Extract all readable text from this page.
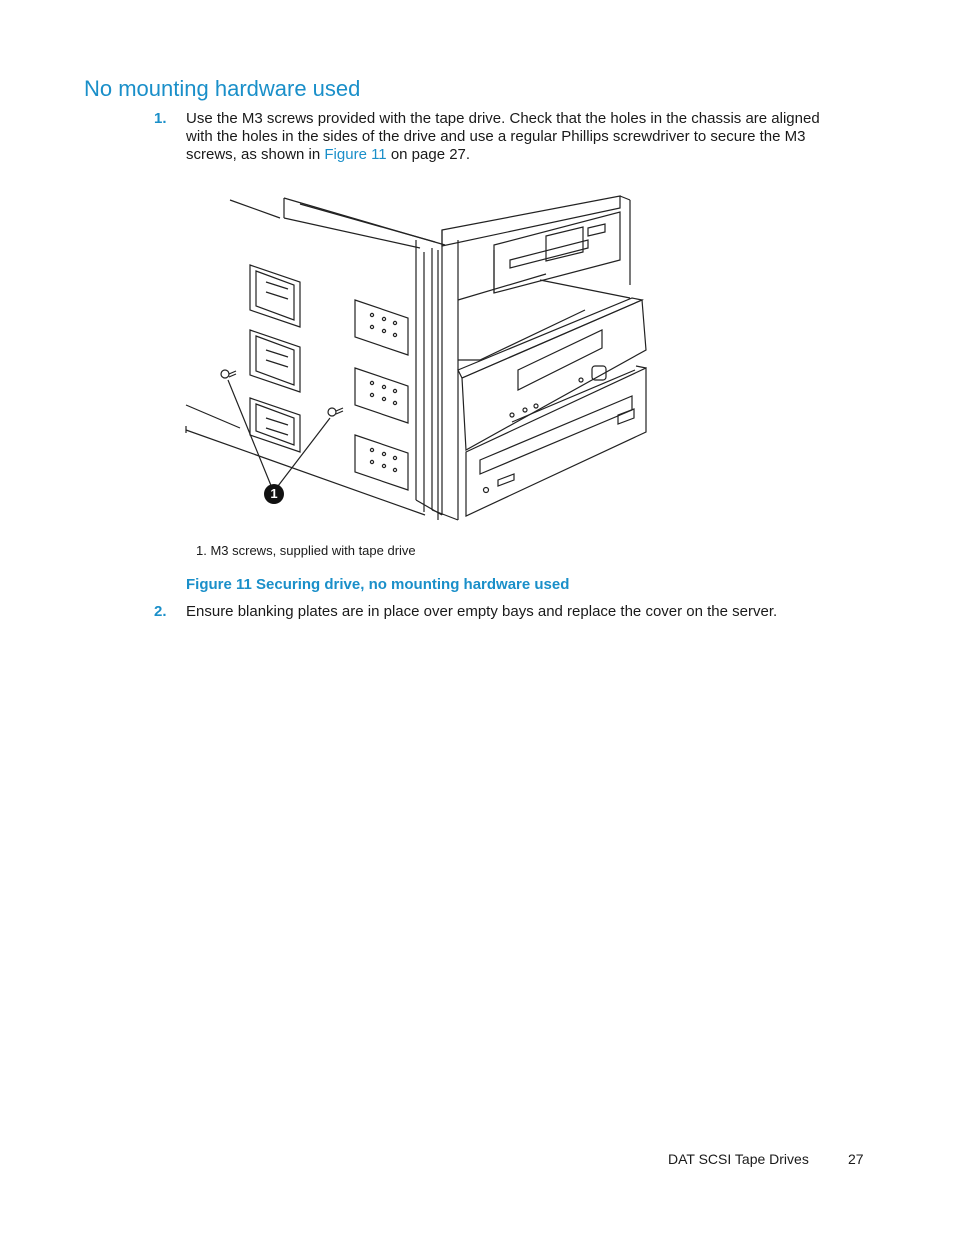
No mounting hardware used
1. Use the M3 screws provided with the tape drive. Check that the holes in the chassis are aligned with the holes in the sides of the drive and use a regular Phillips screwdriver to secure the M3 screws, as shown in Figure 11 on page 27.
1
1. M3 screws, supplied with tape drive
Figure 11 Securing drive, no mounting hardware used
2. Ensure blanking plates are in place over empty bays and replace the cover on the server.
DAT SCSI Tape Drives	27
